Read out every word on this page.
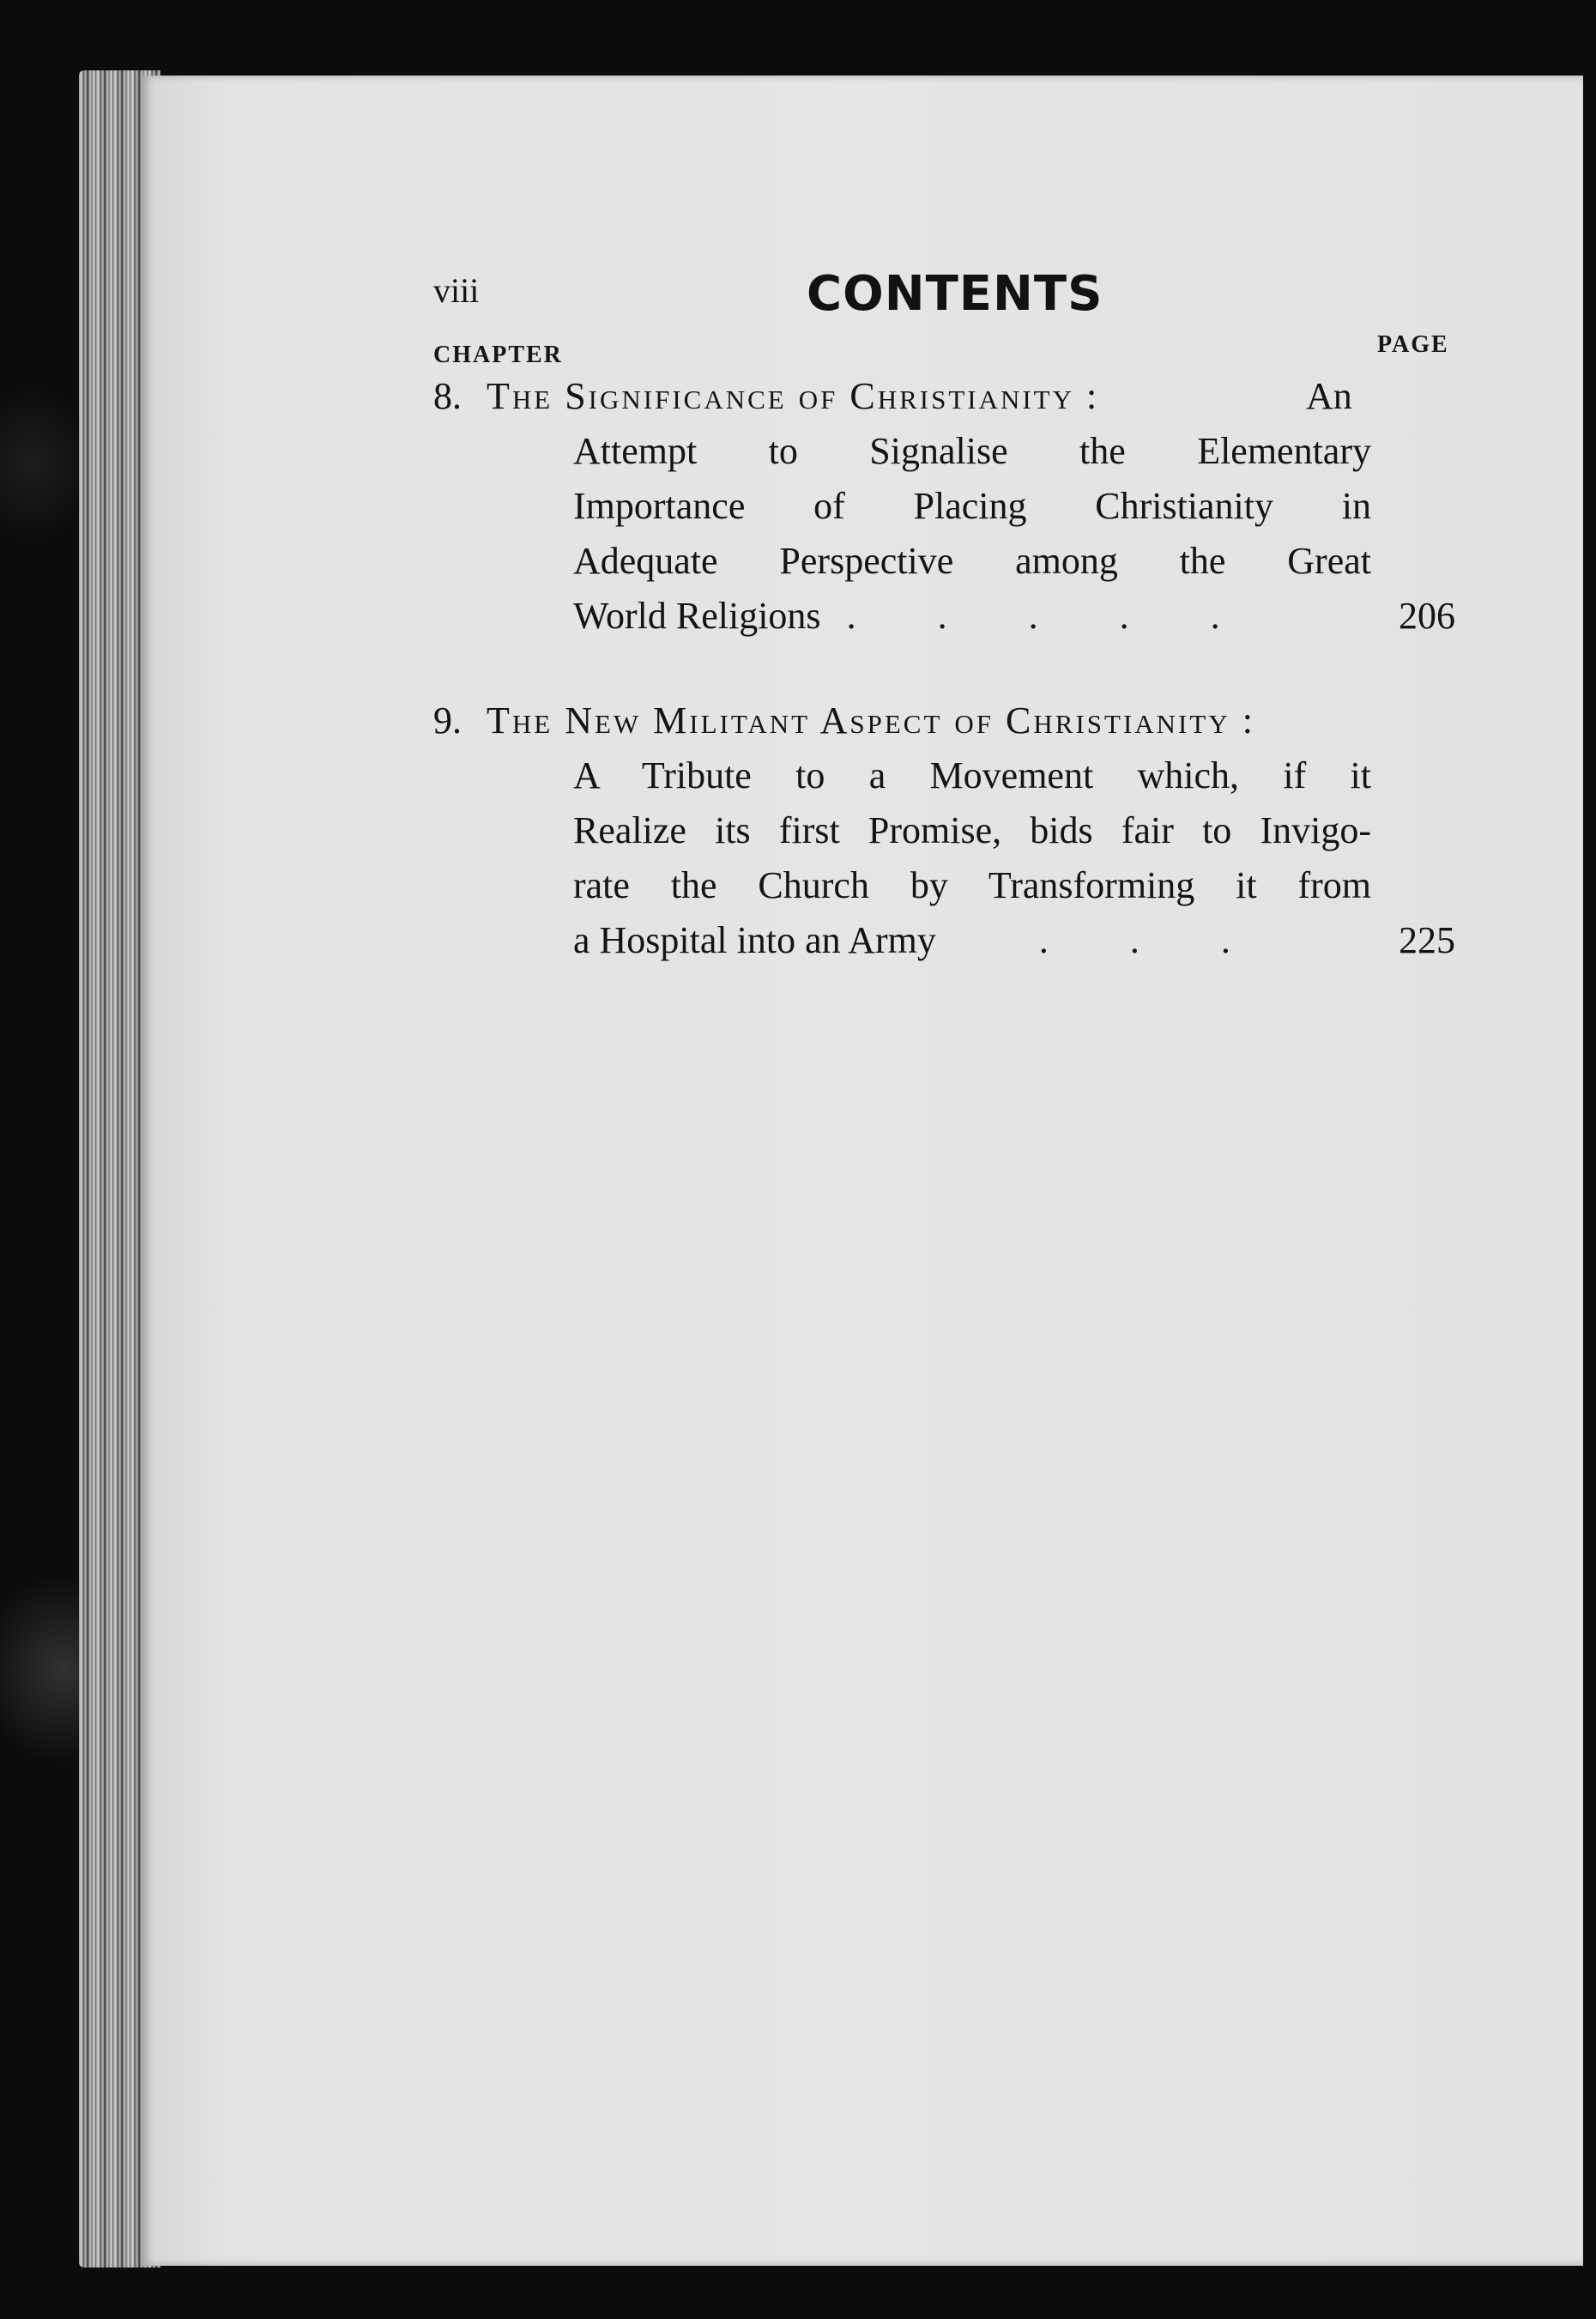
viii	CONTENTS
CHAPTER	PAGE
8. The Significance of Christianity :	An
Attempt to Signalise the Elementary
Importance of Placing Christianity in
Adequate Perspective among the Great
World Religions . . . . .	206
9. The New Militant Aspect of Christianity :
A Tribute to a Movement which, if it
Realize its first Promise, bids fair to Invigo-
rate the Church by Transforming it from
a Hospital into an Army	. . .	225
